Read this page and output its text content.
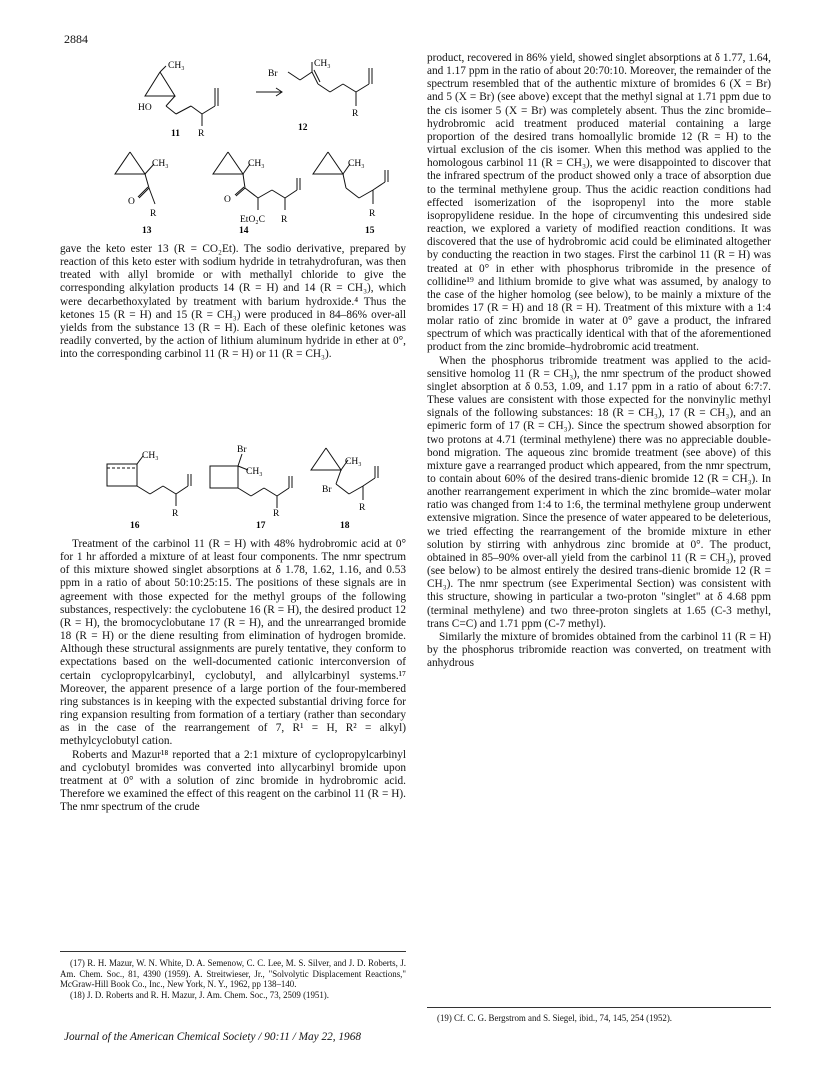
2884
CH₃
HO
R
Br
CH₃
R
11
12
CH₃
O
R
CH₃
O
EtO₂C R
CH₃
R
13	14	15

gave the keto ester 13 (R = CO₂Et). The sodio derivative, prepared by reaction of this keto ester with sodium hydride in tetrahydrofuran, was then treated with allyl bromide or with methallyl chloride to give the corresponding alkylation products 14 (R = H) and 14 (R = CH₃), which were decarbethoxylated by treatment with barium hydroxide.⁴ Thus the ketones 15 (R = H) and 15 (R = CH₃) were produced in 84–86% over-all yields from the substance 13 (R = H). Each of these olefinic ketones was readily converted, by the action of lithium aluminum hydride in ether at 0°, into the corresponding carbinol 11 (R = H) or 11 (R = CH₃).

CH₃
R
Br
CH₃
R
CH₃
Br
R
16	17	18

Treatment of the carbinol 11 (R = H) with 48% hydrobromic acid at 0° for 1 hr afforded a mixture of at least four components. The nmr spectrum of this mixture showed singlet absorptions at δ 1.78, 1.62, 1.16, and 0.53 ppm in a ratio of about 50:10:25:15. The positions of these signals are in agreement with those expected for the methyl groups of the following substances, respectively: the cyclobutene 16 (R = H), the desired product 12 (R = H), the bromocyclobutane 17 (R = H), and the unrearranged bromide 18 (R = H) or the diene resulting from elimination of hydrogen bromide. Although these structural assignments are purely tentative, they conform to expectations based on the well-documented cationic interconversion of certain cyclopropylcarbinyl, cyclobutyl, and allylcarbinyl systems.¹⁷ Moreover, the apparent presence of a large portion of the four-membered ring substances is in keeping with the expected substantial driving force for ring expansion resulting from formation of a tertiary (rather than secondary as in the case of the rearrangement of 7, R¹ = H, R² = alkyl) methylcyclobutyl cation.

Roberts and Mazur¹⁸ reported that a 2:1 mixture of cyclopropylcarbinyl and cyclobutyl bromides was converted into allycarbinyl bromide upon treatment at 0° with a solution of zinc bromide in hydrobromic acid. Therefore we examined the effect of this reagent on the carbinol 11 (R = H). The nmr spectrum of the crude

(17) R. H. Mazur, W. N. White, D. A. Semenow, C. C. Lee, M. S. Silver, and J. D. Roberts, J. Am. Chem. Soc., 81, 4390 (1959). A. Streitwieser, Jr., "Solvolytic Displacement Reactions," McGraw-Hill Book Co., Inc., New York, N. Y., 1962, pp 138–140.

(18) J. D. Roberts and R. H. Mazur, J. Am. Chem. Soc., 73, 2509 (1951).

product, recovered in 86% yield, showed singlet absorptions at δ 1.77, 1.64, and 1.17 ppm in the ratio of about 20:70:10. Moreover, the remainder of the spectrum resembled that of the authentic mixture of bromides 6 (X = Br) and 5 (X = Br) (see above) except that the methyl signal at 1.71 ppm due to the cis isomer 5 (X = Br) was completely absent. Thus the zinc bromide–hydrobromic acid treatment produced material containing a large proportion of the desired trans homoallylic bromide 12 (R = H) to the virtual exclusion of the cis isomer. When this method was applied to the homologous carbinol 11 (R = CH₃), we were disappointed to discover that the infrared spectrum of the product showed only a trace of absorption due to the terminal methylene group. Thus the acidic reaction conditions had effected isomerization of the isopropenyl into the more stable isopropylidene residue. In the hope of circumventing this undesired side reaction, we explored a variety of modified reaction conditions. It was discovered that the use of hydrobromic acid could be eliminated altogether by conducting the reaction in two stages. First the carbinol 11 (R = H) was treated at 0° in ether with phosphorus tribromide in the presence of collidine¹⁹ and lithium bromide to give what was assumed, by analogy to the case of the higher homolog (see below), to be mainly a mixture of the bromides 17 (R = H) and 18 (R = H). Treatment of this mixture with a 1:4 molar ratio of zinc bromide in water at 0° gave a product, the infrared spectrum of which was practically identical with that of the aforementioned product from the zinc bromide–hydrobromic acid treatment.

When the phosphorus tribromide treatment was applied to the acid-sensitive homolog 11 (R = CH₃), the nmr spectrum of the product showed singlet absorption at δ 0.53, 1.09, and 1.17 ppm in a ratio of about 6:7:7. These values are consistent with those expected for the nonvinylic methyl signals of the following substances: 18 (R = CH₃), 17 (R = CH₃), and an epimeric form of 17 (R = CH₃). Since the spectrum showed absorption for two protons at 4.71 (terminal methylene) there was no appreciable double-bond migration. The aqueous zinc bromide treatment (see above) of this mixture gave a rearranged product which appeared, from the nmr spectrum, to contain about 60% of the desired trans-dienic bromide 12 (R = CH₃). In another rearrangement experiment in which the zinc bromide–water molar ratio was changed from 1:4 to 1:6, the terminal methylene group underwent extensive migration. Since the presence of water appeared to be deleterious, we tried effecting the rearrangement of the bromide mixture in ether solution by stirring with anhydrous zinc bromide at 0°. The product, obtained in 85–90% over-all yield from the carbinol 11 (R = CH₃), proved (see below) to be almost entirely the desired trans-dienic bromide 12 (R = CH₃). The nmr spectrum (see Experimental Section) was consistent with this structure, showing in particular a two-proton "singlet" at δ 4.68 ppm (terminal methylene) and two three-proton singlets at 1.65 (C-3 methyl, trans C=C) and 1.71 ppm (C-7 methyl).

Similarly the mixture of bromides obtained from the carbinol 11 (R = H) by the phosphorus tribromide reaction was converted, on treatment with anhydrous

(19) Cf. C. G. Bergstrom and S. Siegel, ibid., 74, 145, 254 (1952).

Journal of the American Chemical Society / 90:11 / May 22, 1968
